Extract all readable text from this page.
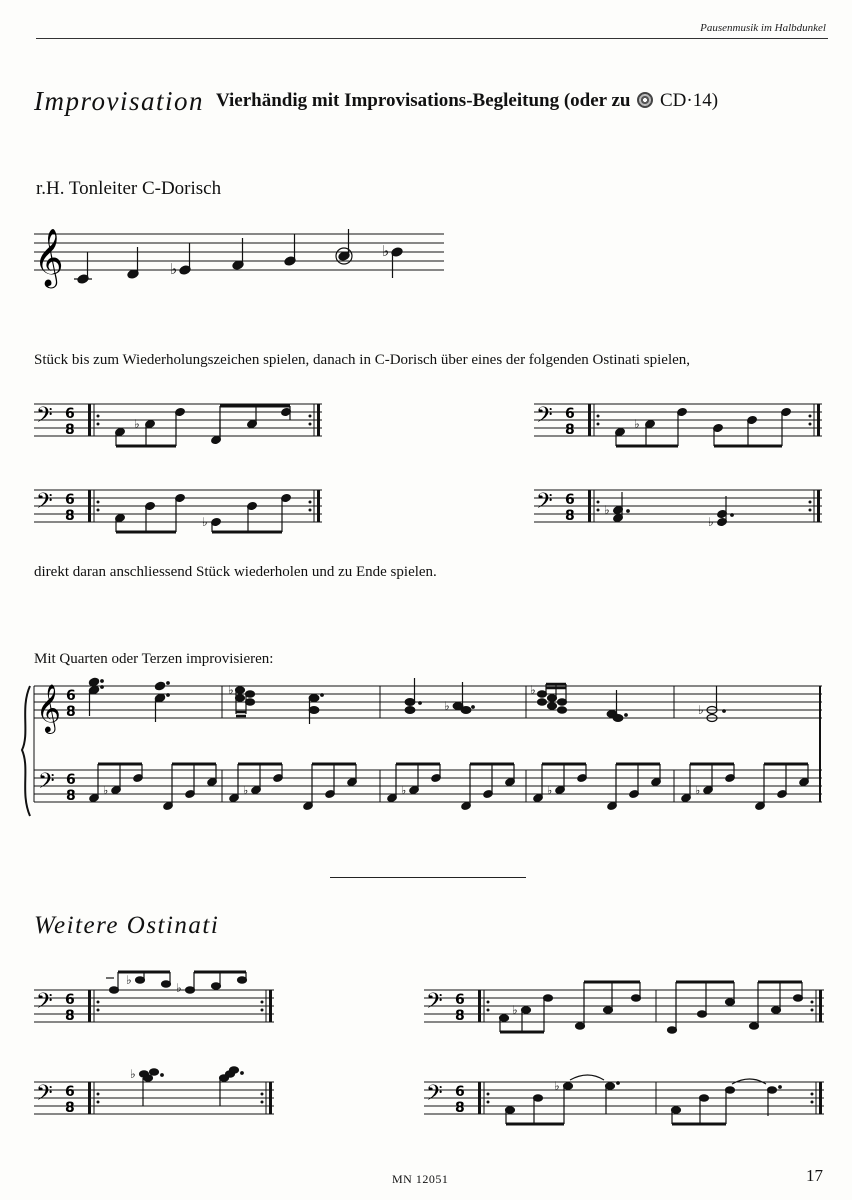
Pausenmusik im Halbdunkel
Improvisation Vierhändig mit Improvisations-Begleitung (oder zu CD·14)
r.H. Tonleiter C-Dorisch
𝄞	♭
♭
Stück bis zum Wiederholungszeichen spielen, danach in C-Dorisch über eines der folgenden Ostinati spielen,
𝄢 6
8	♭	𝄢 6
8	♭
𝄢 6
8	♭
𝄢 6
8 ♭
♭
direkt daran anschliessend Stück wiederholen und zu Ende spielen.
Mit Quarten oder Terzen improvisieren:
𝄞 6
8
𝄢 6
8
♭
♭
♭
♭
♭	♭	♭	♭	♭
Weitere Ostinati
𝄢 6
8
♭
♭
𝄢 6
8	♭
𝄢 6
8
♭
𝄢 6
8
♭
MN 12051	17
